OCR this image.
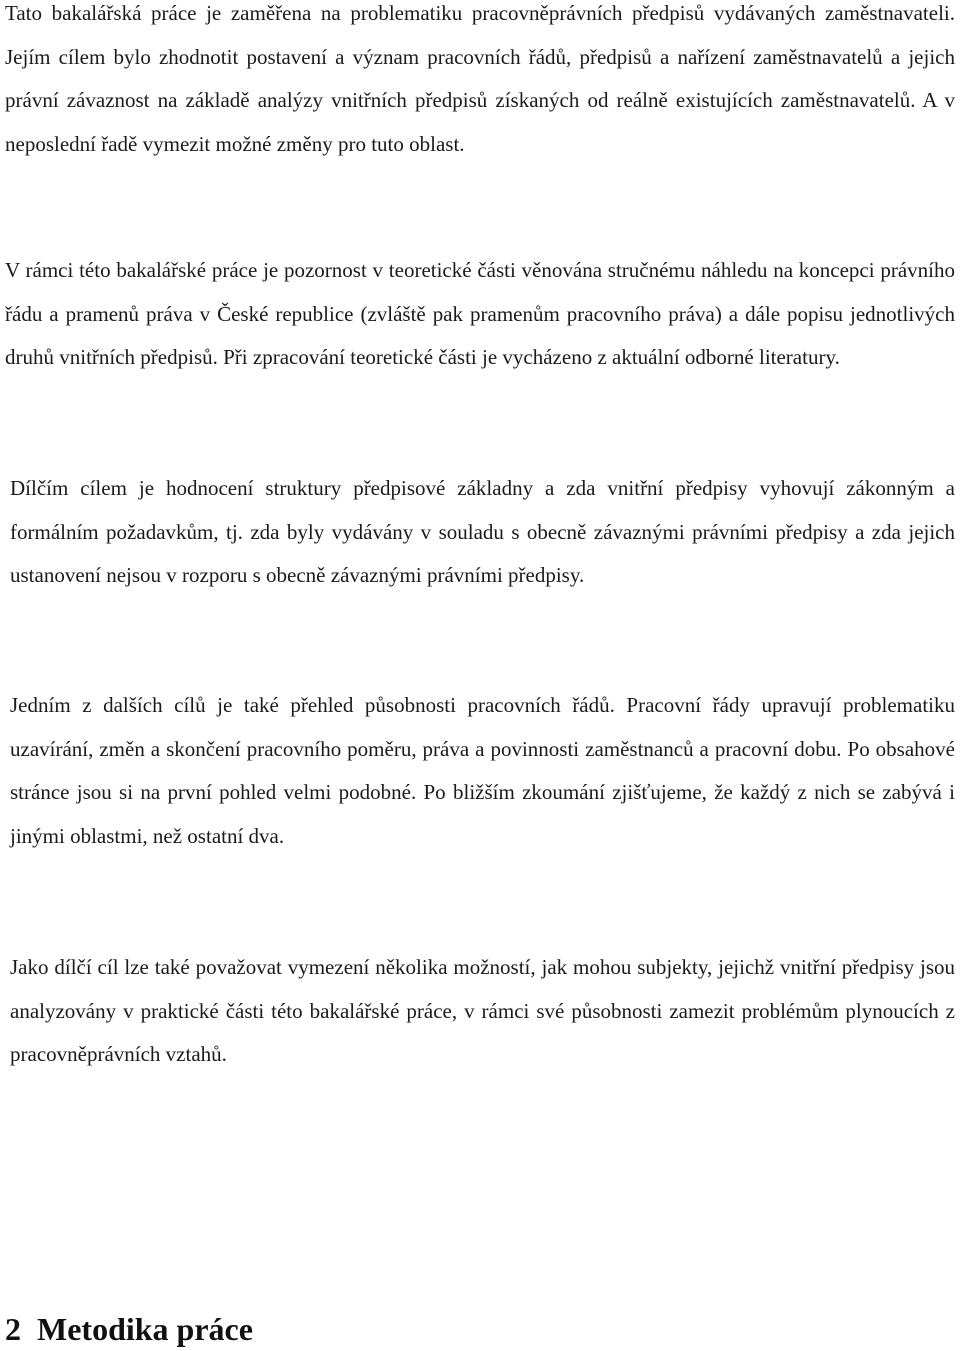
Tato bakalářská práce je zaměřena na problematiku pracovněprávních předpisů vydávaných zaměstnavateli. Jejím cílem bylo zhodnotit postavení a význam pracovních řádů, předpisů a nařízení zaměstnavatelů a jejich právní závaznost na základě analýzy vnitřních předpisů získaných od reálně existujících zaměstnavatelů. A v neposlední řadě vymezit možné změny pro tuto oblast.

V rámci této bakalářské práce je pozornost v teoretické části věnována stručnému náhledu na koncepci právního řádu a pramenů práva v České republice (zvláště pak pramenům pracovního práva) a dále popisu jednotlivých druhů vnitřních předpisů. Při zpracování teoretické části je vycházeno z aktuální odborné literatury.

Dílčím cílem je hodnocení struktury předpisové základny a zda vnitřní předpisy vyhovují zákonným a formálním požadavkům, tj. zda byly vydávány v souladu s obecně závaznými právními předpisy a zda jejich ustanovení nejsou v rozporu s obecně závaznými právními předpisy.

Jedním z dalších cílů je také přehled působnosti pracovních řádů. Pracovní řády upravují problematiku uzavírání, změn a skončení pracovního poměru, práva a povinnosti zaměstnanců a pracovní dobu. Po obsahové stránce jsou si na první pohled velmi podobné. Po bližším zkoumání zjišťujeme, že každý z nich se zabývá i jinými oblastmi, než ostatní dva.

Jako dílčí cíl lze také považovat vymezení několika možností, jak mohou subjekty, jejichž vnitřní předpisy jsou analyzovány v praktické části této bakalářské práce, v rámci své působnosti zamezit problémům plynoucích z pracovněprávních vztahů.

2 Metodika práce
